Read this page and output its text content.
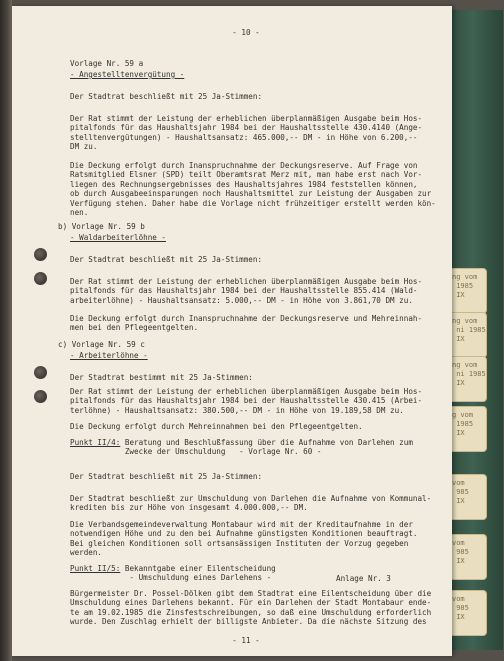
ng vom
1985
IX
ng vom
ni 1985
IX
ng vom
ni 1985
IX
g vom
1985
IX
vom
985
IX
vom
985
IX
vom
985
IX
- 10 -
Vorlage Nr. 59 a
- Angestelltenvergütung -
Der Stadtrat beschließt mit 25 Ja-Stimmen:
Der Rat stimmt der Leistung der erheblichen überplanmäßigen Ausgabe beim Hos-
pitalfonds für das Haushaltsjahr 1984 bei der Haushaltsstelle 430.4140 (Ange-
stelltenvergütungen) - Haushaltsansatz: 465.000,-- DM - in Höhe von 6.200,--
DM zu.
Die Deckung erfolgt durch Inanspruchnahme der Deckungsreserve. Auf Frage von
Ratsmitglied Elsner (SPD) teilt Oberamtsrat Merz mit, man habe erst nach Vor-
liegen des Rechnungsergebnisses des Haushaltsjahres 1984 feststellen können,
ob durch Ausgabeeinsparungen noch Haushaltsmittel zur Leistung der Ausgaben zur
Verfügung stehen. Daher habe die Vorlage nicht frühzeitiger erstellt werden kön-
nen.
b) Vorlage Nr. 59 b
- Waldarbeiterlöhne -
Der Stadtrat beschließt mit 25 Ja-Stimmen:
Der Rat stimmt der Leistung der erheblichen überplanmäßigen Ausgabe beim Hos-
pitalfonds für das Haushaltsjahr 1984 bei der Haushaltsstelle 855.414 (Wald-
arbeiterlöhne) - Haushaltsansatz: 5.000,-- DM - in Höhe von 3.861,70 DM zu.
Die Deckung erfolgt durch Inanspruchnahme der Deckungsreserve und Mehreinnah-
men bei den Pflegeentgelten.
c) Vorlage Nr. 59 c
- Arbeiterlöhne -
Der Stadtrat bestimmt mit 25 Ja-Stimmen:
Der Rat stimmt der Leistung der erheblichen überplanmäßigen Ausgabe beim Hos-
pitalfonds für das Haushaltsjahr 1984 bei der Haushaltsstelle 430.415 (Arbei-
terlöhne) - Haushaltsansatz: 380.500,-- DM - in Höhe von 19.189,58 DM zu.
Die Deckung erfolgt durch Mehreinnahmen bei den Pflegeentgelten.
Punkt II/4: Beratung und Beschlußfassung über die Aufnahme von Darlehen zum
Zwecke der Umschuldung   - Vorlage Nr. 60 -
Der Stadtrat beschließt mit 25 Ja-Stimmen:
Der Stadtrat beschließt zur Umschuldung von Darlehen die Aufnahme von Kommunal-
krediten bis zur Höhe von insgesamt 4.000.000,-- DM.
Die Verbandsgemeindeverwaltung Montabaur wird mit der Kreditaufnahme in der
notwendigen Höhe und zu den bei Aufnahme günstigsten Konditionen beauftragt.
Bei gleichen Konditionen soll ortsansässigen Instituten der Vorzug gegeben
werden.
Punkt II/5: Bekanntgabe einer Eilentscheidung
- Umschuldung eines Darlehens -	Anlage Nr. 3
Bürgermeister Dr. Possel-Dölken gibt dem Stadtrat eine Eilentscheidung über die
Umschuldung eines Darlehens bekannt. Für ein Darlehen der Stadt Montabaur ende-
te am 19.02.1985 die Zinsfestschreibungen, so daß eine Umschuldung erforderlich
wurde. Den Zuschlag erhielt der billigste Anbieter. Da die nächste Sitzung des
- 11 -
